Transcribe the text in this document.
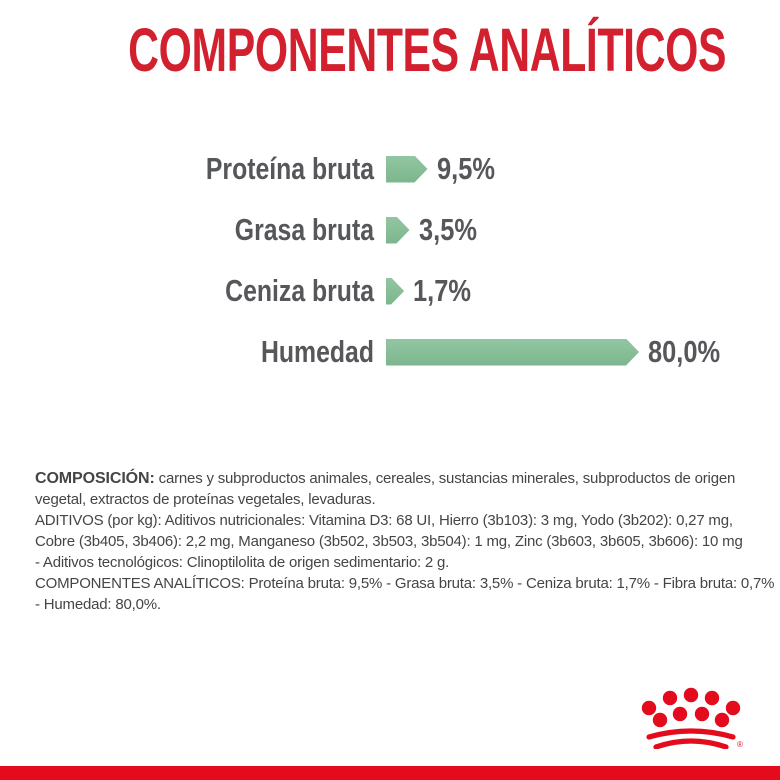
COMPONENTES ANALÍTICOS
Proteína bruta 9,5%
Grasa bruta 3,5%
Ceniza bruta 1,7%
Humedad	80,0%
COMPOSICIÓN: carnes y subproductos animales, cereales, sustancias minerales, subproductos de origen
vegetal, extractos de proteínas vegetales, levaduras.
ADITIVOS (por kg): Aditivos nutricionales: Vitamina D3: 68 UI, Hierro (3b103): 3 mg, Yodo (3b202): 0,27 mg,
Cobre (3b405, 3b406): 2,2 mg, Manganeso (3b502, 3b503, 3b504): 1 mg, Zinc (3b603, 3b605, 3b606): 10 mg
- Aditivos tecnológicos: Clinoptilolita de origen sedimentario: 2 g.
COMPONENTES ANALÍTICOS: Proteína bruta: 9,5% - Grasa bruta: 3,5% - Ceniza bruta: 1,7% - Fibra bruta: 0,7%
- Humedad: 80,0%.
®
